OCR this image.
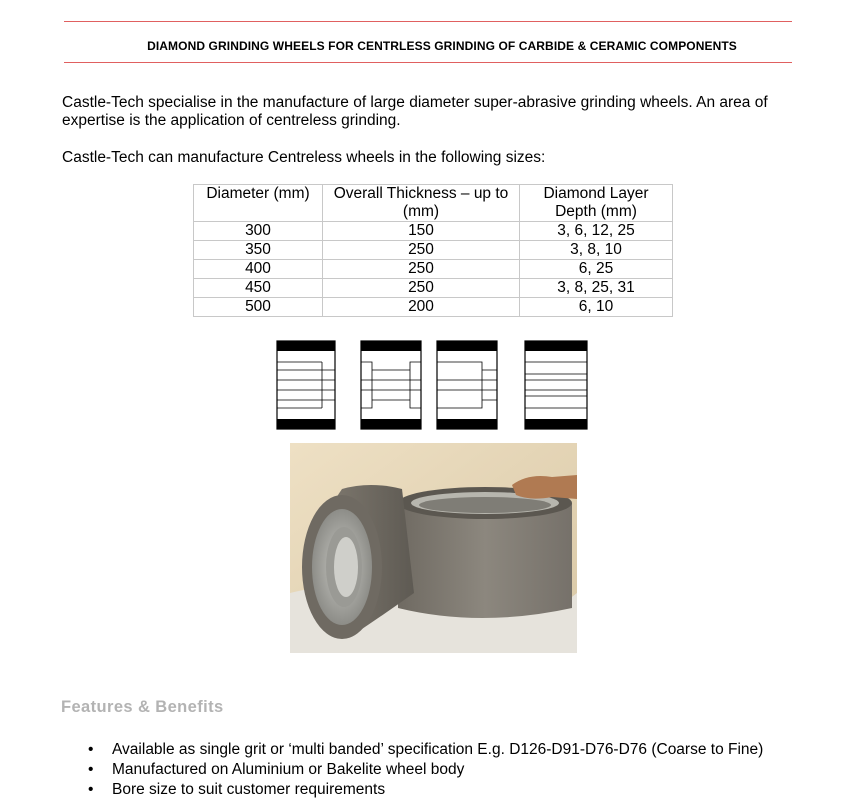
DIAMOND GRINDING WHEELS FOR CENTRLESS GRINDING OF CARBIDE & CERAMIC COMPONENTS
Castle-Tech specialise in the manufacture of large diameter super-abrasive grinding wheels. An area of expertise is the application of centreless grinding.
Castle-Tech can manufacture Centreless wheels in the following sizes:
Diameter (mm)	Overall Thickness – up to (mm)	Diamond Layer Depth (mm)
300	150	3, 6, 12, 25
350	250	3, 8, 10
400	250	6, 25
450	250	3, 8, 25, 31
500	200	6, 10
Features & Benefits
• Available as single grit or ‘multi banded’ specification E.g. D126-D91-D76-D76 (Coarse to Fine)
• Manufactured on Aluminium or Bakelite wheel body
• Bore size to suit customer requirements
